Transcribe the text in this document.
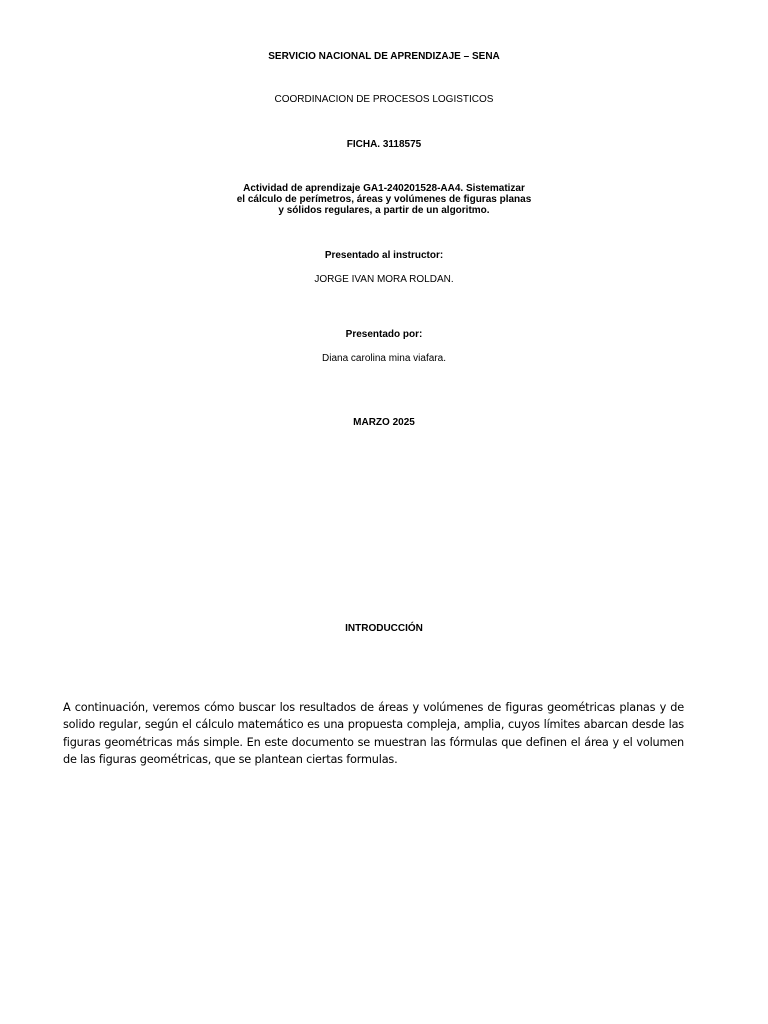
SERVICIO NACIONAL DE APRENDIZAJE – SENA
COORDINACION DE PROCESOS LOGISTICOS
FICHA. 3118575
Actividad de aprendizaje GA1-240201528-AA4. Sistematizar
el cálculo de perímetros, áreas y volúmenes de figuras planas
y sólidos regulares, a partir de un algoritmo.
Presentado al instructor:
JORGE IVAN MORA ROLDAN.
Presentado por:
Diana carolina mina viafara.
MARZO 2025
INTRODUCCIÓN
A continuación, veremos cómo buscar los resultados de áreas y volúmenes de figuras geométricas planas y de solido regular, según el cálculo matemático es una propuesta compleja, amplia, cuyos límites abarcan desde las figuras geométricas más simple. En este documento se muestran las fórmulas que definen el área y el volumen de las figuras geométricas, que se plantean ciertas formulas.
